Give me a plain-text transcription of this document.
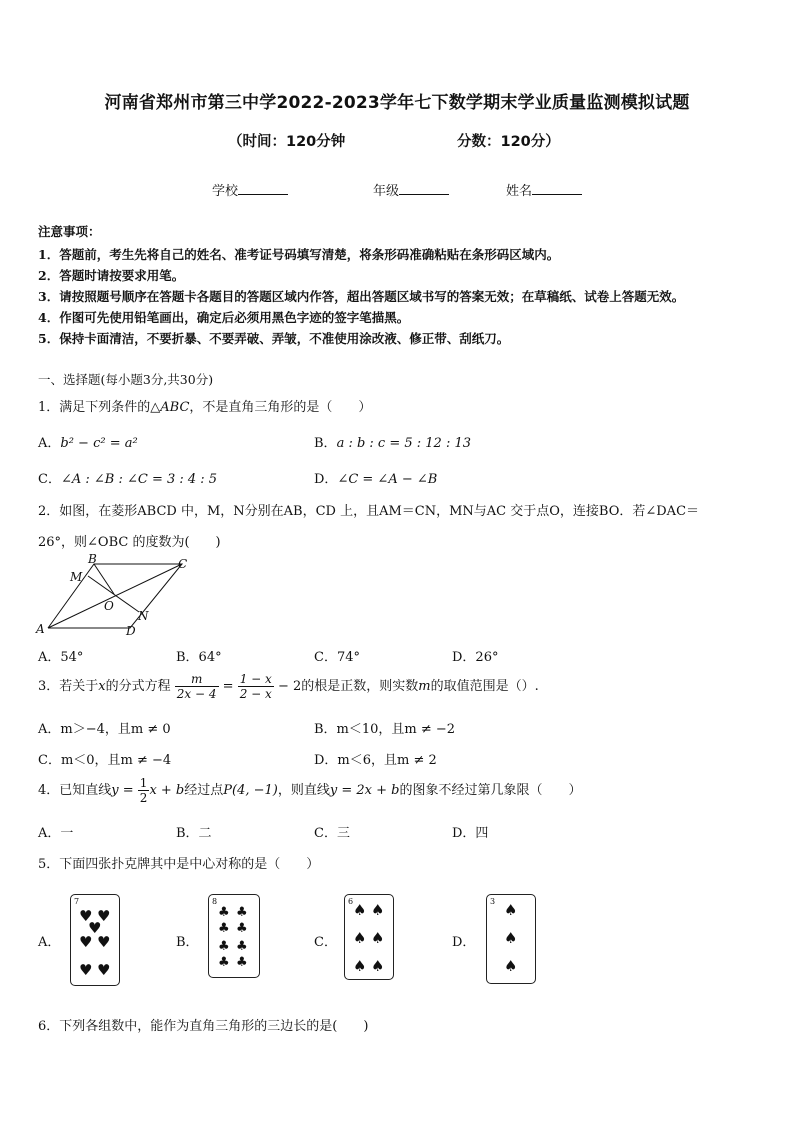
河南省郑州市第三中学2022-2023学年七下数学期末学业质量监测模拟试题
（时间：120分钟	分数：120分）
学校	年级	姓名
注意事项：
1．答题前，考生先将自己的姓名、准考证号码填写清楚，将条形码准确粘贴在条形码区域内。
2．答题时请按要求用笔。
3．请按照题号顺序在答题卡各题目的答题区域内作答，超出答题区域书写的答案无效；在草稿纸、试卷上答题无效。
4．作图可先使用铅笔画出，确定后必须用黑色字迹的签字笔描黑。
5．保持卡面清洁，不要折暴、不要弄破、弄皱，不准使用涂改液、修正带、刮纸刀。
一、选择题(每小题3分,共30分)
1．满足下列条件的△ABC，不是直角三角形的是（　　）
A．b² − c² = a²	B．a : b : c = 5 : 12 : 13
C．∠A : ∠B : ∠C = 3 : 4 : 5	D．∠C = ∠A − ∠B
2．如图，在菱形ABCD 中，M，N分别在AB，CD 上，且AM＝CN，MN与AC 交于点O，连接BO．若∠DAC＝
26°，则∠OBC 的度数为(　　)
A
B	C
D
M
N
O
A．54°	B．64°	C．74°	D．26°
3．若关于x的分式方程 $\frac{m}{2x - 4} = \frac{1 - x}{2 - x} - 2$的根是正数，则实数m的取值范围是（）.
A．m＞−4，且m ≠ 0	B．m＜10，且m ≠ −2
C．m＜0，且m ≠ −4	D．m＜6，且m ≠ 2
4．已知直线$y = \frac{1}{2}$ x + b经过点P(4, −1)，则直线y = 2x + b的图象不经过第几象限（　　）
A．一	B．二	C．三	D．四
5．下面四张扑克牌其中是中心对称的是（　　）
A．
7
♥ ♥
♥
♥ ♥
♥ ♥
B．
8
♣ ♣
♣ ♣
♣ ♣
♣ ♣
C．
6 ♠ ♠
♠ ♠
♠ ♠
D．
3 ♠
♠
♠
6．下列各组数中，能作为直角三角形的三边长的是(　　)
